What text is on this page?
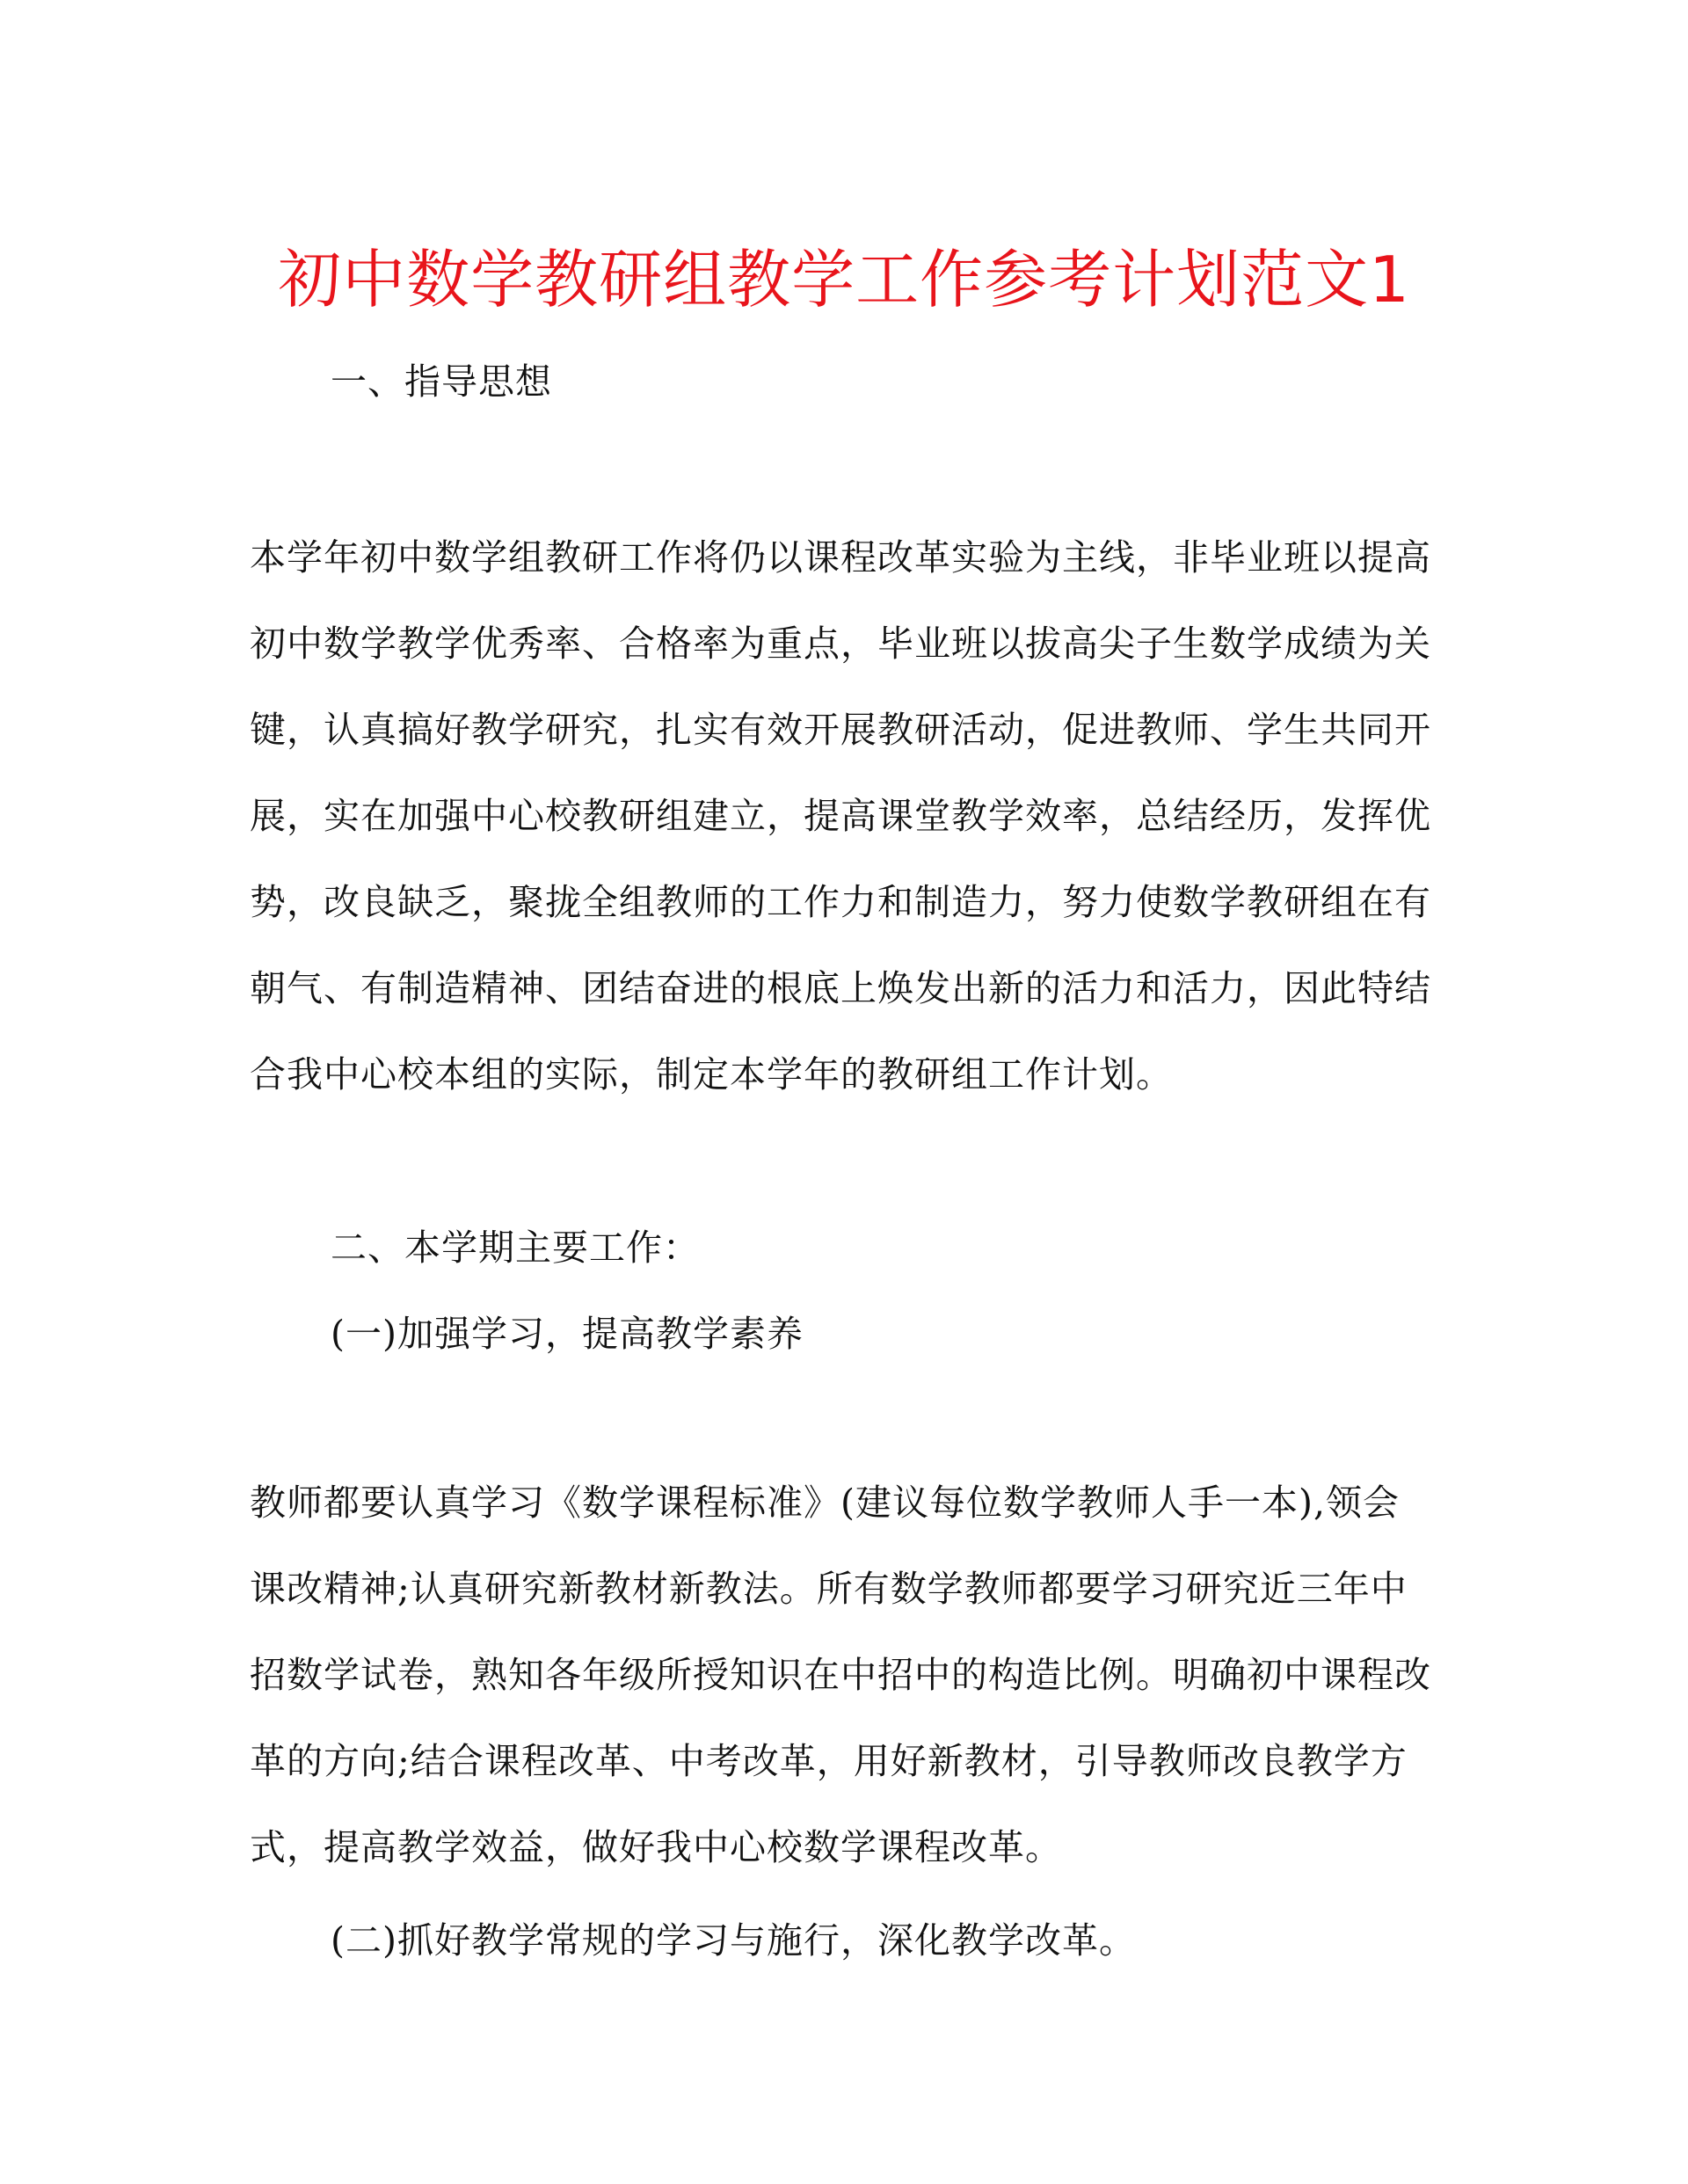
初中数学教研组教学工作参考计划范文1

一、指导思想

本学年初中数学组教研工作将仍以课程改革实验为主线，非毕业班以提高初中数学教学优秀率、合格率为重点，毕业班以拔高尖子生数学成绩为关键，认真搞好教学研究，扎实有效开展教研活动，促进教师、学生共同开展，实在加强中心校教研组建立，提高课堂教学效率，总结经历，发挥优势，改良缺乏，聚拢全组教师的工作力和制造力，努力使数学教研组在有朝气、有制造精神、团结奋进的根底上焕发出新的活力和活力，因此特结合我中心校本组的实际，制定本学年的教研组工作计划。

二、本学期主要工作：

(一)加强学习，提高教学素养

教师都要认真学习《数学课程标准》(建议每位数学教师人手一本),领会课改精神;认真研究新教材新教法。所有数学教师都要学习研究近三年中招数学试卷，熟知各年级所授知识在中招中的构造比例。明确初中课程改革的方向;结合课程改革、中考改革，用好新教材，引导教师改良教学方式，提高教学效益，做好我中心校数学课程改革。

(二)抓好教学常规的学习与施行，深化教学改革。
